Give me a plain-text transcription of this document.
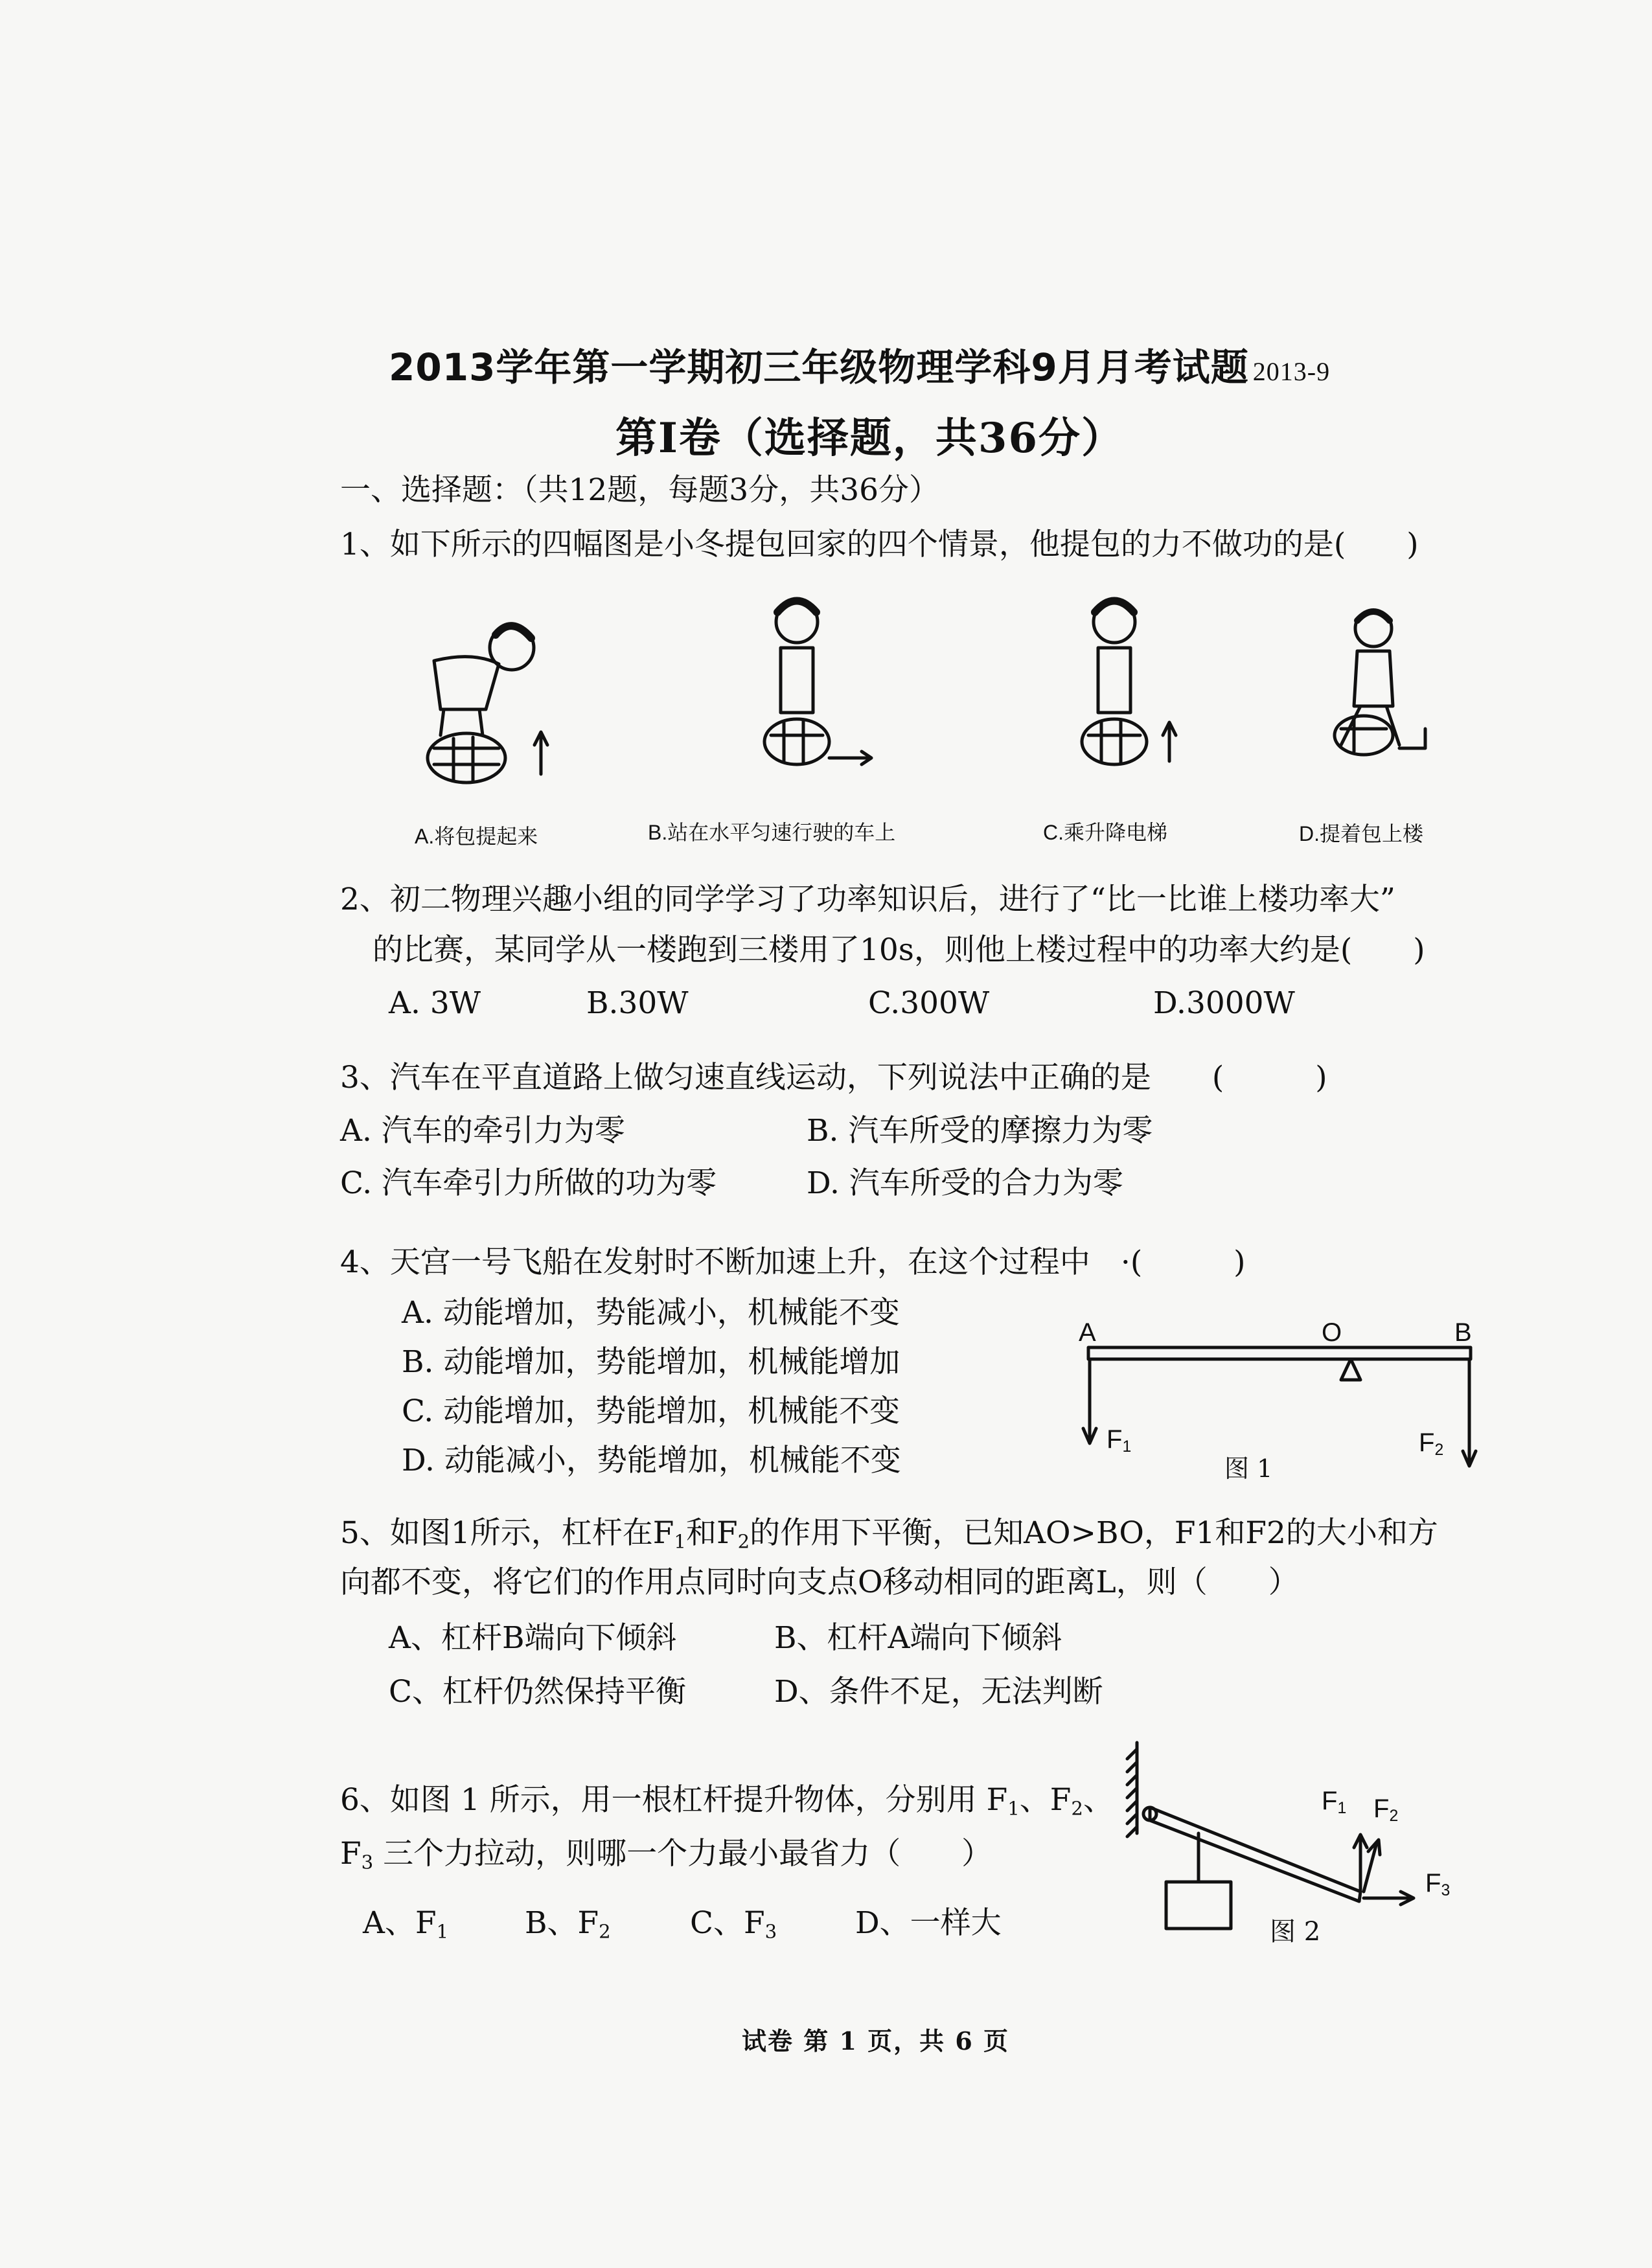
2013学年第一学期初三年级物理学科9月月考试题 2013-9
第Ⅰ卷（选择题，共36分）
一、选择题：（共12题，每题3分，共36分）
1、如下所示的四幅图是小冬提包回家的四个情景，他提包的力不做功的是(　　)
A.将包提起来	B.站在水平匀速行驶的车上	C.乘升降电梯	D.提着包上楼
2、初二物理兴趣小组的同学学习了功率知识后，进行了“比一比谁上楼功率大”
的比赛，某同学从一楼跑到三楼用了10s，则他上楼过程中的功率大约是(　　)
A. 3W	B.30W	C.300W	D.3000W
3、汽车在平直道路上做匀速直线运动，下列说法中正确的是　　(　　　)
A. 汽车的牵引力为零	B. 汽车所受的摩擦力为零
C. 汽车牵引力所做的功为零	D. 汽车所受的合力为零
4、天宫一号飞船在发射时不断加速上升，在这个过程中　·(　　　)
A. 动能增加，势能减小，机械能不变
B. 动能增加，势能增加，机械能增加
C. 动能增加，势能增加，机械能不变
D. 动能减小，势能增加，机械能不变
A	O	B
$F_1$	$F_2$
图 1
5、如图1所示，杠杆在$F_1$和$F_2$的作用下平衡，已知AO>BO，F1和F2的大小和方
向都不变，将它们的作用点同时向支点O移动相同的距离L，则（　　）
A、杠杆B端向下倾斜	B、杠杆A端向下倾斜
C、杠杆仍然保持平衡	D、条件不足，无法判断
6、如图 1 所示，用一根杠杆提升物体，分别用 $F_1$、$F_2$、
$F_3$ 三个力拉动，则哪一个力最小最省力（　　）
A、$F_1$	B、$F_2$	C、$F_3$	D、一样大
$F_1$ $F_2$
$F_3$
图 2
试卷 第 1 页，共 6 页
